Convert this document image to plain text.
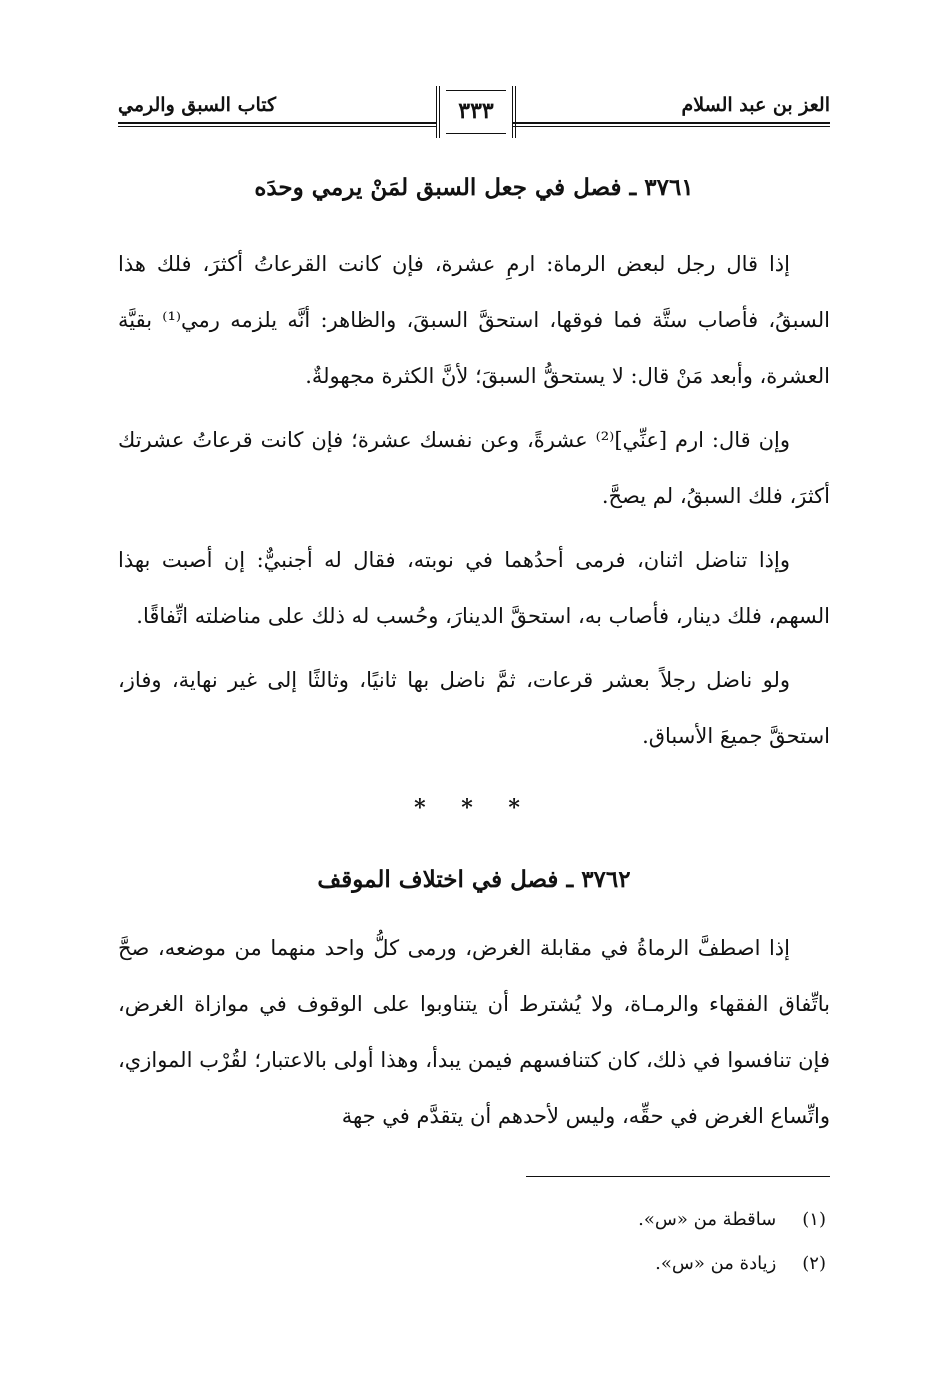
العز بن عبد السلام
كتاب السبق والرمي	٣٣٣
٣٧٦١ ـ فصل في جعل السبق لمَنْ يرمي وحدَه

إذا قال رجل لبعض الرماة: ارمِ عشرة، فإن كانت القرعاتُ أكثرَ، فلك هذا السبقُ، فأصاب ستَّة فما فوقها، استحقَّ السبقَ، والظاهر: أنَّه يلزمه رمي⁽¹⁾ بقيَّة العشرة، وأبعد مَنْ قال: لا يستحقُّ السبقَ؛ لأنَّ الكثرة مجهولةٌ.

وإن قال: ارم [عنِّي]⁽²⁾ عشرةً، وعن نفسك عشرة؛ فإن كانت قرعاتُ عشرتك أكثرَ، فلك السبقُ، لم يصحَّ.

وإذا تناضل اثنان، فرمى أحدُهما في نوبته، فقال له أجنبيٌّ: إن أصبت بهذا السهم، فلك دينار، فأصاب به، استحقَّ الدينارَ، وحُسب له ذلك على مناضلته اتِّفاقًا.

ولو ناضل رجلاً بعشر قرعات، ثمَّ ناضل بها ثانيًا، وثالثًا إلى غير نهاية، وفاز، استحقَّ جميعَ الأسباق.

* * *
٣٧٦٢ ـ فصل في اختلاف الموقف

إذا اصطفَّ الرماةُ في مقابلة الغرض، ورمى كلُّ واحد منهما من موضعه، صحَّ باتِّفاق الفقهاء والرمـاة، ولا يُشترط أن يتناوبوا على الوقوف في موازاة الغرض، فإن تنافسوا في ذلك، كان كتنافسهم فيمن يبدأ، وهذا أولى بالاعتبار؛ لقُرْب الموازي، واتِّساع الغرض في حقِّه، وليس لأحدهم أن يتقدَّم في جهة

(١) ساقطة من «س».
(٢) زيادة من «س».
